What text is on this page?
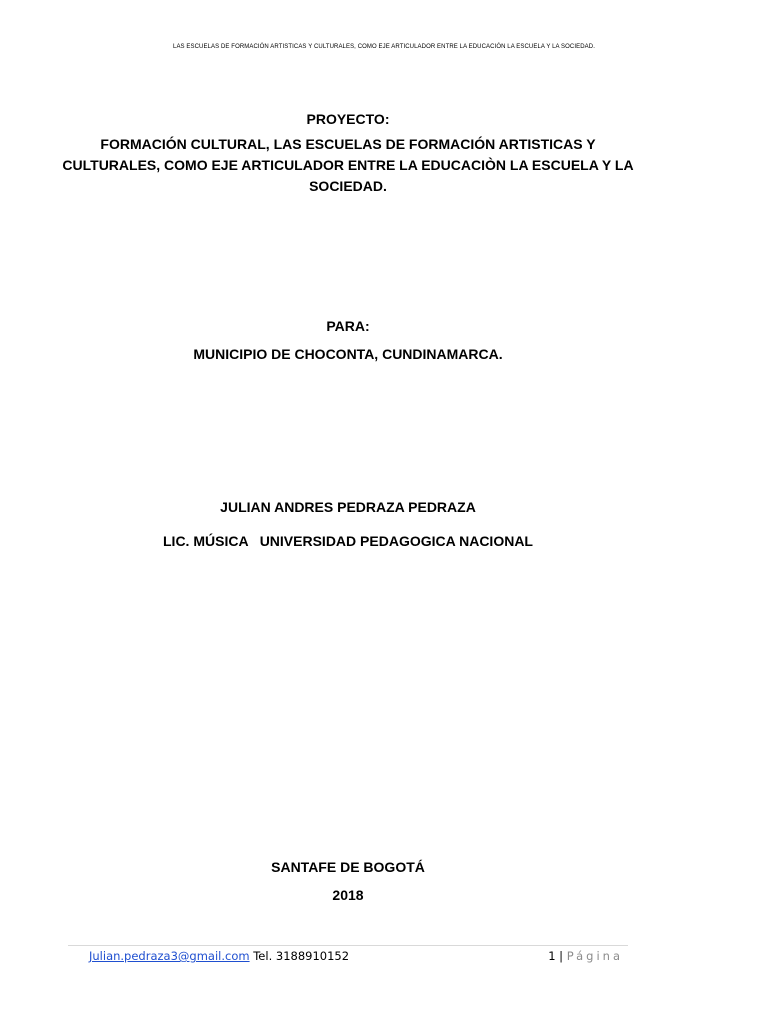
LAS ESCUELAS DE FORMACIÓN ARTISTICAS Y CULTURALES, COMO EJE ARTICULADOR ENTRE LA EDUCACIÓN LA ESCUELA Y LA SOCIEDAD.
PROYECTO:
FORMACIÓN CULTURAL, LAS ESCUELAS DE FORMACIÓN ARTISTICAS Y CULTURALES, COMO EJE ARTICULADOR ENTRE LA EDUCACIÒN LA ESCUELA Y LA SOCIEDAD.
PARA:
MUNICIPIO DE CHOCONTA, CUNDINAMARCA.
JULIAN ANDRES PEDRAZA PEDRAZA
LIC. MÚSICA   UNIVERSIDAD PEDAGOGICA NACIONAL
SANTAFE DE BOGOTÁ
2018
Julian.pedraza3@gmail.com Tel. 3188910152	1 | Página
